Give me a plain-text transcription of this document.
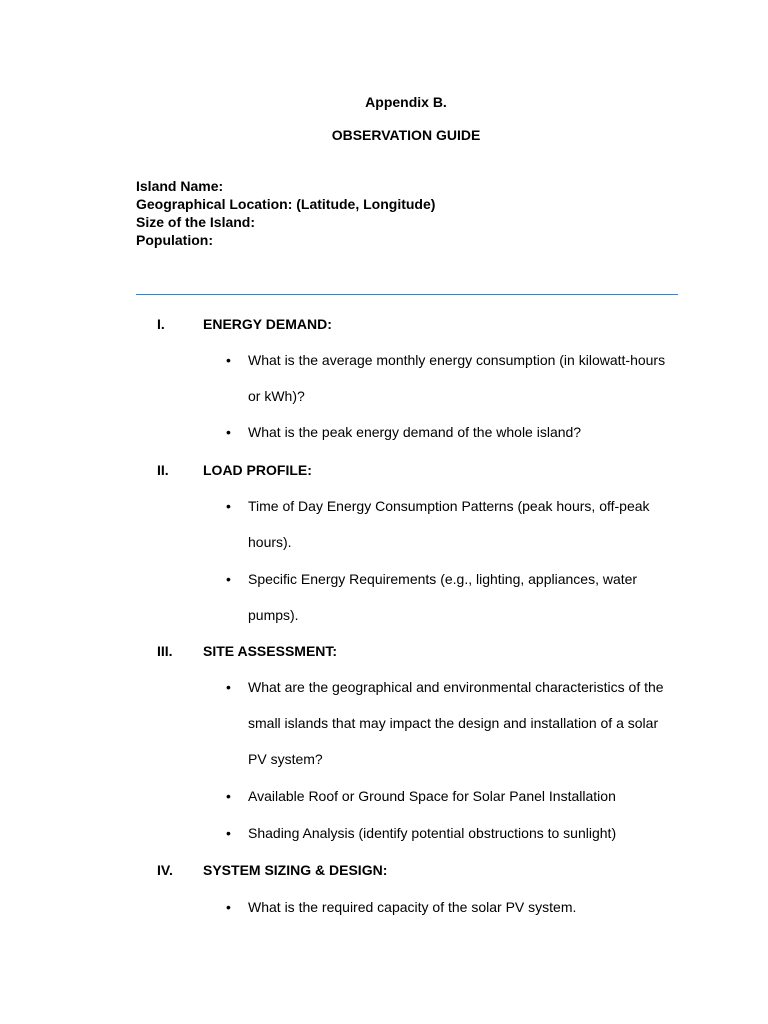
Appendix B.
OBSERVATION GUIDE
Island Name:
Geographical Location: (Latitude, Longitude)
Size of the Island:
Population:
I.	ENERGY DEMAND:
•	What is the average monthly energy consumption (in kilowatt-hours or kWh)?
•	What is the peak energy demand of the whole island?
II. LOAD PROFILE:
•	Time of Day Energy Consumption Patterns (peak hours, off-peak hours).
•	Specific Energy Requirements (e.g., lighting, appliances, water pumps).
III. SITE ASSESSMENT:
•	What are the geographical and environmental characteristics of the small islands that may impact the design and installation of a solar PV system?
•	Available Roof or Ground Space for Solar Panel Installation
•	Shading Analysis (identify potential obstructions to sunlight)
IV. SYSTEM SIZING & DESIGN:
•	What is the required capacity of the solar PV system.
